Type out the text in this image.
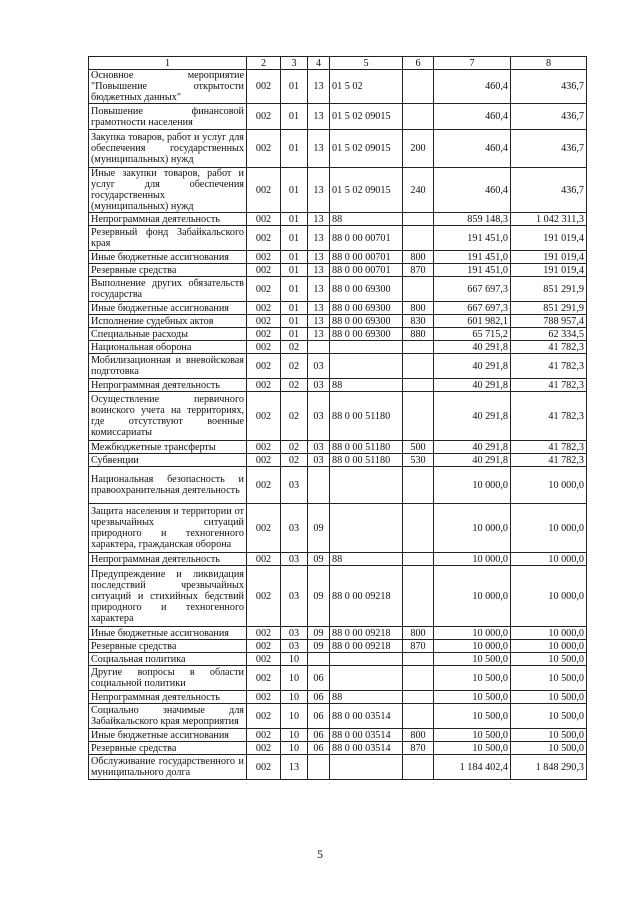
1	2	3	4	5	6	7	8
Основное мероприятие "Повышение открытости бюджетных данных"	002	01	13	01 5 02		460,4	436,7
Повышение финансовой грамотности населения	002	01	13	01 5 02 09015		460,4	436,7
Закупка товаров, работ и услуг для обеспечения государственных (муниципальных) нужд	002	01	13	01 5 02 09015	200	460,4	436,7
Иные закупки товаров, работ и услуг для обеспечения государственных (муниципальных) нужд	002	01	13	01 5 02 09015	240	460,4	436,7
Непрограммная деятельность	002	01	13	88		859 148,3	1 042 311,3
Резервный фонд Забайкальского края	002	01	13	88 0 00 00701		191 451,0	191 019,4
Иные бюджетные ассигнования	002	01	13	88 0 00 00701	800	191 451,0	191 019,4
Резервные средства	002	01	13	88 0 00 00701	870	191 451,0	191 019,4
Выполнение других обязательств государства	002	01	13	88 0 00 69300		667 697,3	851 291,9
Иные бюджетные ассигнования	002	01	13	88 0 00 69300	800	667 697,3	851 291,9
Исполнение судебных актов	002	01	13	88 0 00 69300	830	601 982,1	788 957,4
Специальные расходы	002	01	13	88 0 00 69300	880	65 715,2	62 334,5
Национальная оборона	002	02				40 291,8	41 782,3
Мобилизационная и вневойсковая подготовка	002	02	03			40 291,8	41 782,3
Непрограммная деятельность	002	02	03	88		40 291,8	41 782,3
Осуществление первичного воинского учета на территориях, где отсутствуют военные комиссариаты	002	02	03	88 0 00 51180		40 291,8	41 782,3
Межбюджетные трансферты	002	02	03	88 0 00 51180	500	40 291,8	41 782,3
Субвенции	002	02	03	88 0 00 51180	530	40 291,8	41 782,3
Национальная безопасность и правоохранительная деятельность	002	03				10 000,0	10 000,0
Защита населения и территории от чрезвычайных ситуаций природного и техногенного характера, гражданская оборона	002	03	09			10 000,0	10 000,0
Непрограммная деятельность	002	03	09	88		10 000,0	10 000,0
Предупреждение и ликвидация последствий чрезвычайных ситуаций и стихийных бедствий природного и техногенного характера	002	03	09	88 0 00 09218		10 000,0	10 000,0
Иные бюджетные ассигнования	002	03	09	88 0 00 09218	800	10 000,0	10 000,0
Резервные средства	002	03	09	88 0 00 09218	870	10 000,0	10 000,0
Социальная политика	002	10				10 500,0	10 500,0
Другие вопросы в области социальной политики	002	10	06			10 500,0	10 500,0
Непрограммная деятельность	002	10	06	88		10 500,0	10 500,0
Социально значимые для Забайкальского края мероприятия	002	10	06	88 0 00 03514		10 500,0	10 500,0
Иные бюджетные ассигнования	002	10	06	88 0 00 03514	800	10 500,0	10 500,0
Резервные средства	002	10	06	88 0 00 03514	870	10 500,0	10 500,0
Обслуживание государственного и муниципального долга	002	13				1 184 402,4	1 848 290,3
5
